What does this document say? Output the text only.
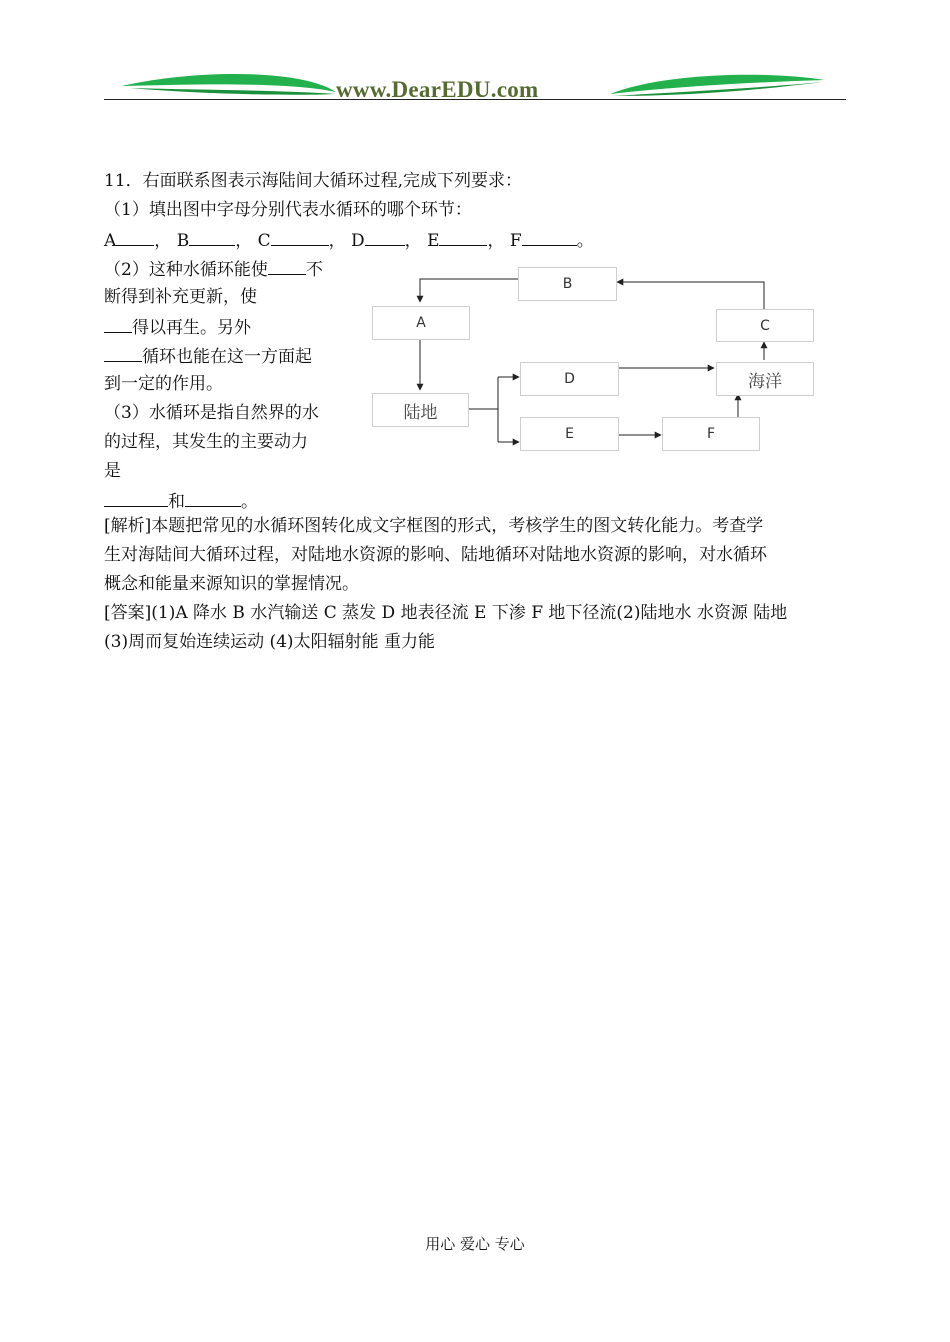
www.DearEDU.com
11．右面联系图表示海陆间大循环过程,完成下列要求：
（1）填出图中字母分别代表水循环的哪个环节：
A ， B	， C	， D ， E	， F	。
（2）这种水循环能使 不
断得到补充更新，使
得以再生。另外
循环也能在这一方面起
到一定的作用。
（3）水循环是指自然界的水
的过程，其发生的主要动力
是
和	。
B
A	C
陆地
D	海洋
E	F
[解析]本题把常见的水循环图转化成文字框图的形式，考核学生的图文转化能力。考查学
生对海陆间大循环过程，对陆地水资源的影响、陆地循环对陆地水资源的影响，对水循环
概念和能量来源知识的掌握情况。
[答案](1)A 降水 B 水汽输送 C 蒸发 D 地表径流 E 下渗 F 地下径流(2)陆地水 水资源 陆地
(3)周而复始连续运动 (4)太阳辐射能 重力能
用心 爱心 专心
